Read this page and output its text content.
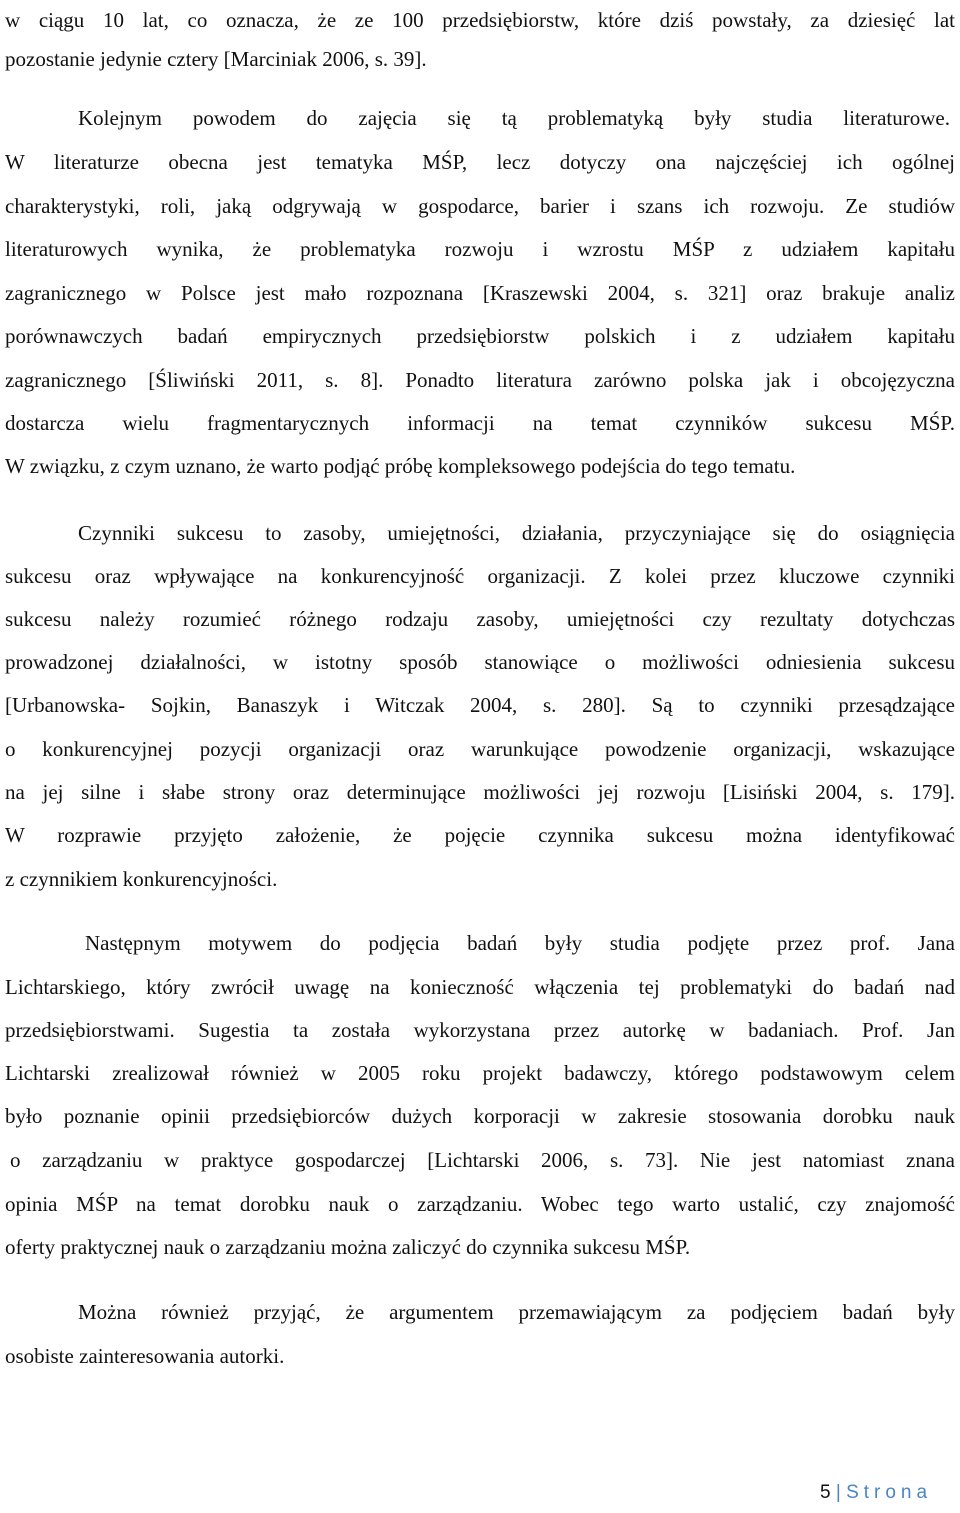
w ciągu 10 lat, co oznacza, że ze 100 przedsiębiorstw, które dziś powstały, za dziesięć lat
pozostanie jedynie cztery [Marciniak 2006, s. 39].
Kolejnym powodem do zajęcia się tą problematyką były studia literaturowe.
W literaturze obecna jest tematyka MŚP, lecz dotyczy ona najczęściej ich ogólnej
charakterystyki, roli, jaką odgrywają w gospodarce, barier i szans ich rozwoju. Ze studiów
literaturowych wynika, że problematyka rozwoju i wzrostu MŚP z udziałem kapitału
zagranicznego w Polsce jest mało rozpoznana [Kraszewski 2004, s. 321] oraz brakuje analiz
porównawczych badań empirycznych przedsiębiorstw polskich i z udziałem kapitału
zagranicznego [Śliwiński 2011, s. 8]. Ponadto literatura zarówno polska jak i obcojęzyczna
dostarcza wielu fragmentarycznych informacji na temat czynników sukcesu MŚP.
W związku, z czym uznano, że warto podjąć próbę kompleksowego podejścia do tego tematu.
Czynniki sukcesu to zasoby, umiejętności, działania, przyczyniające się do osiągnięcia
sukcesu oraz wpływające na konkurencyjność organizacji. Z kolei przez kluczowe czynniki
sukcesu należy rozumieć różnego rodzaju zasoby, umiejętności czy rezultaty dotychczas
prowadzonej działalności, w istotny sposób stanowiące o możliwości odniesienia sukcesu
[Urbanowska- Sojkin, Banaszyk i Witczak 2004, s. 280]. Są to czynniki przesądzające
o konkurencyjnej pozycji organizacji oraz warunkujące powodzenie organizacji, wskazujące
na jej silne i słabe strony oraz determinujące możliwości jej rozwoju [Lisiński 2004, s. 179].
W rozprawie przyjęto założenie, że pojęcie czynnika sukcesu można identyfikować
z czynnikiem konkurencyjności.
Następnym motywem do podjęcia badań były studia podjęte przez prof. Jana
Lichtarskiego, który zwrócił uwagę na konieczność włączenia tej problematyki do badań nad
przedsiębiorstwami. Sugestia ta została wykorzystana przez autorkę w badaniach. Prof. Jan
Lichtarski zrealizował również w 2005 roku projekt badawczy, którego podstawowym celem
było poznanie opinii przedsiębiorców dużych korporacji w zakresie stosowania dorobku nauk
o zarządzaniu w praktyce gospodarczej [Lichtarski 2006, s. 73]. Nie jest natomiast znana
opinia MŚP na temat dorobku nauk o zarządzaniu. Wobec tego warto ustalić, czy znajomość
oferty praktycznej nauk o zarządzaniu można zaliczyć do czynnika sukcesu MŚP.
Można również przyjąć, że argumentem przemawiającym za podjęciem badań były
osobiste zainteresowania autorki.
5 | Strona
